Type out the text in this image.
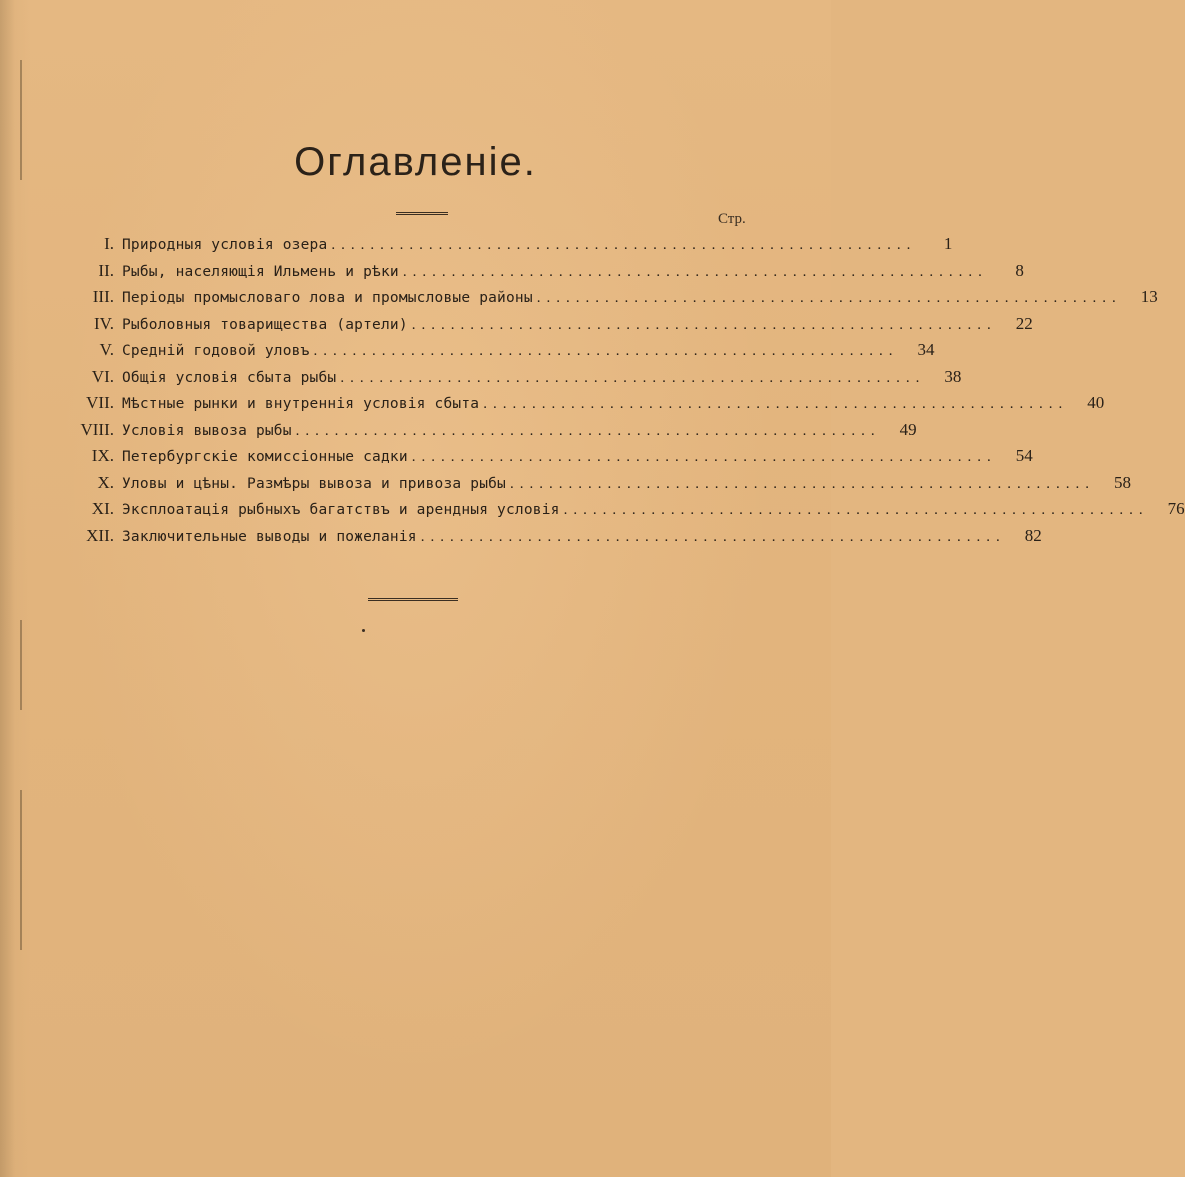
Оглавленiе.
Стр.
I. Природныя условiя озера ............................................................	1
II. Рыбы, населяющiя Ильмень и рѣки ............................................................	8
III. Перiоды промысловаго лова и промысловые районы ............................................................	13
IV. Рыболовныя товарищества (артели) ............................................................	22
V. Среднiй годовой уловъ ............................................................	34
VI. Общiя условiя сбыта рыбы ............................................................	38
VII. Мѣстные рынки и внутреннiя условiя сбыта ............................................................	40
VIII. Условiя вывоза рыбы ............................................................	49
IX. Петербургскiе комиссiонные садки ............................................................	54
X. Уловы и цѣны. Размѣры вывоза и привоза рыбы ............................................................	58
XI. Эксплоатацiя рыбныхъ багатствъ и арендныя условiя ............................................................	76
XII. Заключительные выводы и пожеланiя ............................................................	82
